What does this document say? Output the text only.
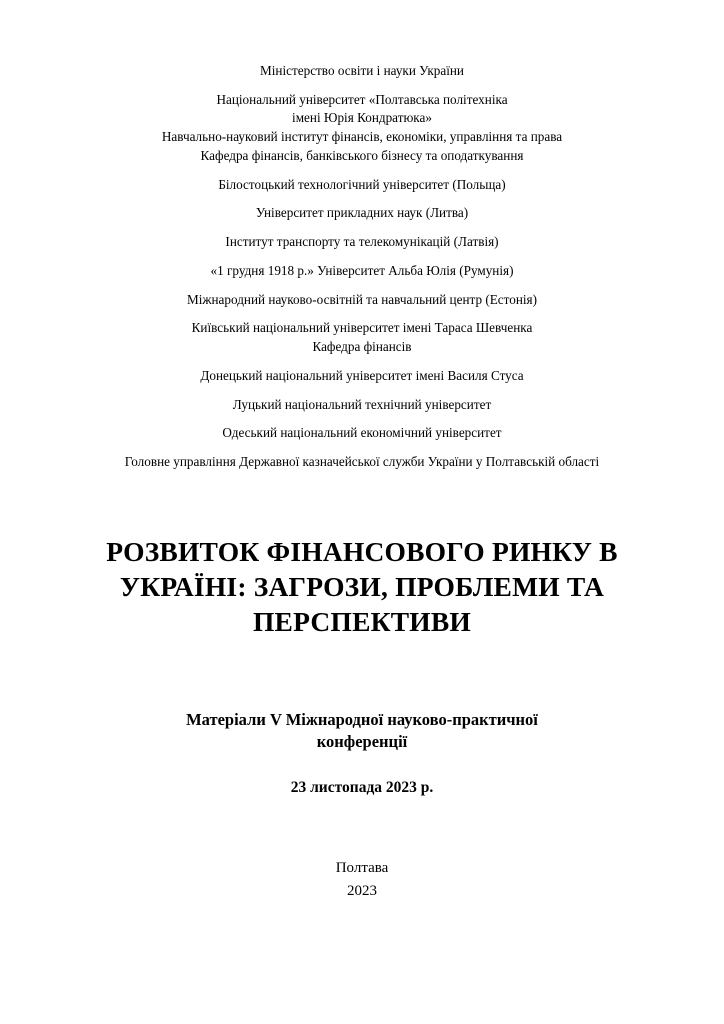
Міністерство освіти і науки України
Національний університет «Полтавська політехніка
імені Юрія Кондратюка»
Навчально-науковий інститут фінансів, економіки, управління та права
Кафедра фінансів, банківського бізнесу та оподаткування
Білостоцький технологічний університет (Польща)
Університет прикладних наук (Литва)
Інститут транспорту та телекомунікацій (Латвія)
«1 грудня 1918 р.» Університет Альба Юлія (Румунія)
Міжнародний науково-освітній та навчальний центр (Естонія)
Київський національний університет імені Тараса Шевченка
Кафедра фінансів
Донецький національний університет імені Василя Стуса
Луцький національний технічний університет
Одеський національний економічний університет
Головне управління Державної казначейської служби України у Полтавській області
РОЗВИТОК ФІНАНСОВОГО РИНКУ В
УКРАЇНІ: ЗАГРОЗИ, ПРОБЛЕМИ ТА
ПЕРСПЕКТИВИ
Матеріали V Міжнародної науково-практичної
конференції
23 листопада 2023 р.
Полтава
2023
